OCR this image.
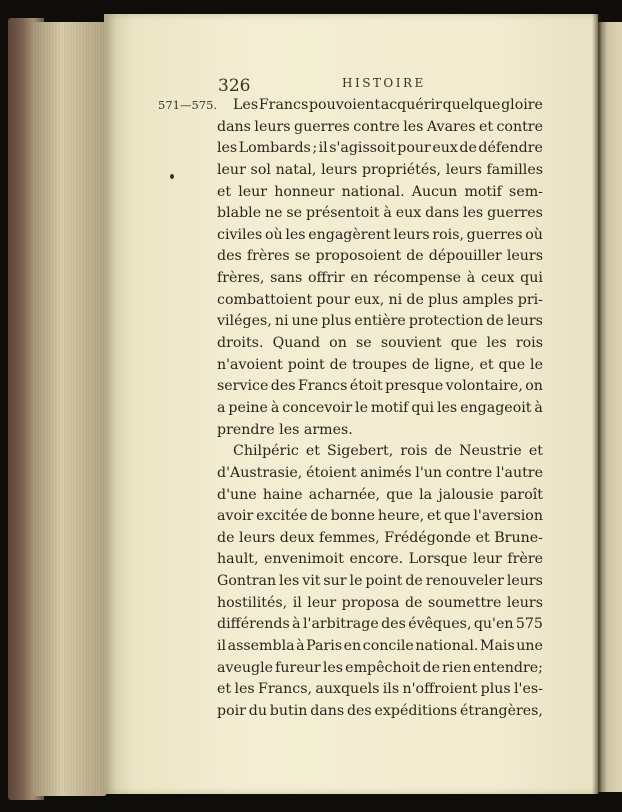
326	HISTOIRE
571—575. Les Francs pouvoient acquérir quelque gloire
dans leurs guerres contre les Avares et contre
les Lombards ; il s'agissoit pour eux de défendre
leur sol natal, leurs propriétés, leurs familles
et leur honneur national. Aucun motif sem-
blable ne se présentoit à eux dans les guerres
civiles où les engagèrent leurs rois, guerres où
des frères se proposoient de dépouiller leurs
frères, sans offrir en récompense à ceux qui
combattoient pour eux, ni de plus amples pri-
viléges, ni une plus entière protection de leurs
droits. Quand on se souvient que les rois
n'avoient point de troupes de ligne, et que le
service des Francs étoit presque volontaire, on
a peine à concevoir le motif qui les engageoit à
prendre les armes.
Chilpéric et Sigebert, rois de Neustrie et
d'Austrasie, étoient animés l'un contre l'autre
d'une haine acharnée, que la jalousie paroît
avoir excitée de bonne heure, et que l'aversion
de leurs deux femmes, Frédégonde et Brune-
hault, envenimoit encore. Lorsque leur frère
Gontran les vit sur le point de renouveler leurs
hostilités, il leur proposa de soumettre leurs
différends à l'arbitrage des évêques, qu'en 575
il assembla à Paris en concile national. Mais une
aveugle fureur les empêchoit de rien entendre;
et les Francs, auxquels ils n'offroient plus l'es-
poir du butin dans des expéditions étrangères,
